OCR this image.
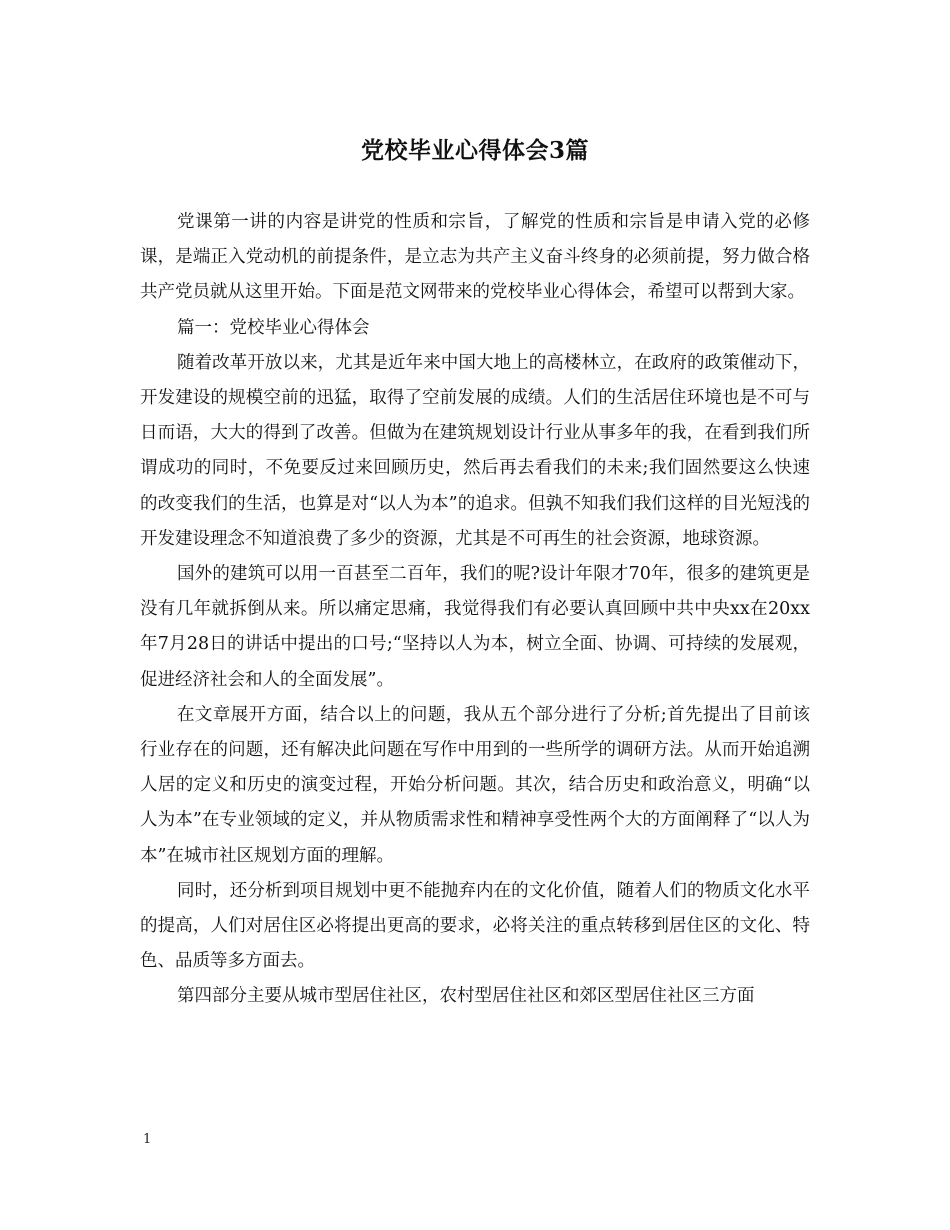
党校毕业心得体会3篇

党课第一讲的内容是讲党的性质和宗旨，了解党的性质和宗旨是申请入党的必修课，是端正入党动机的前提条件，是立志为共产主义奋斗终身的必须前提，努力做合格共产党员就从这里开始。下面是范文网带来的党校毕业心得体会，希望可以帮到大家。

篇一：党校毕业心得体会

随着改革开放以来，尤其是近年来中国大地上的高楼林立，在政府的政策催动下，开发建设的规模空前的迅猛，取得了空前发展的成绩。人们的生活居住环境也是不可与日而语，大大的得到了改善。但做为在建筑规划设计行业从事多年的我，在看到我们所谓成功的同时，不免要反过来回顾历史，然后再去看我们的未来;我们固然要这么快速的改变我们的生活，也算是对“以人为本”的追求。但孰不知我们我们这样的目光短浅的开发建设理念不知道浪费了多少的资源，尤其是不可再生的社会资源，地球资源。

国外的建筑可以用一百甚至二百年，我们的呢?设计年限才70年，很多的建筑更是没有几年就拆倒从来。所以痛定思痛，我觉得我们有必要认真回顾中共中央xx在20xx年7月28日的讲话中提出的口号;“坚持以人为本，树立全面、协调、可持续的发展观，促进经济社会和人的全面发展”。

在文章展开方面，结合以上的问题，我从五个部分进行了分析;首先提出了目前该行业存在的问题，还有解决此问题在写作中用到的一些所学的调研方法。从而开始追溯人居的定义和历史的演变过程，开始分析问题。其次，结合历史和政治意义，明确“以人为本”在专业领域的定义，并从物质需求性和精神享受性两个大的方面阐释了“以人为本”在城市社区规划方面的理解。

同时，还分析到项目规划中更不能抛弃内在的文化价值，随着人们的物质文化水平的提高，人们对居住区必将提出更高的要求，必将关注的重点转移到居住区的文化、特色、品质等多方面去。

第四部分主要从城市型居住社区，农村型居住社区和郊区型居住社区三方面

1
